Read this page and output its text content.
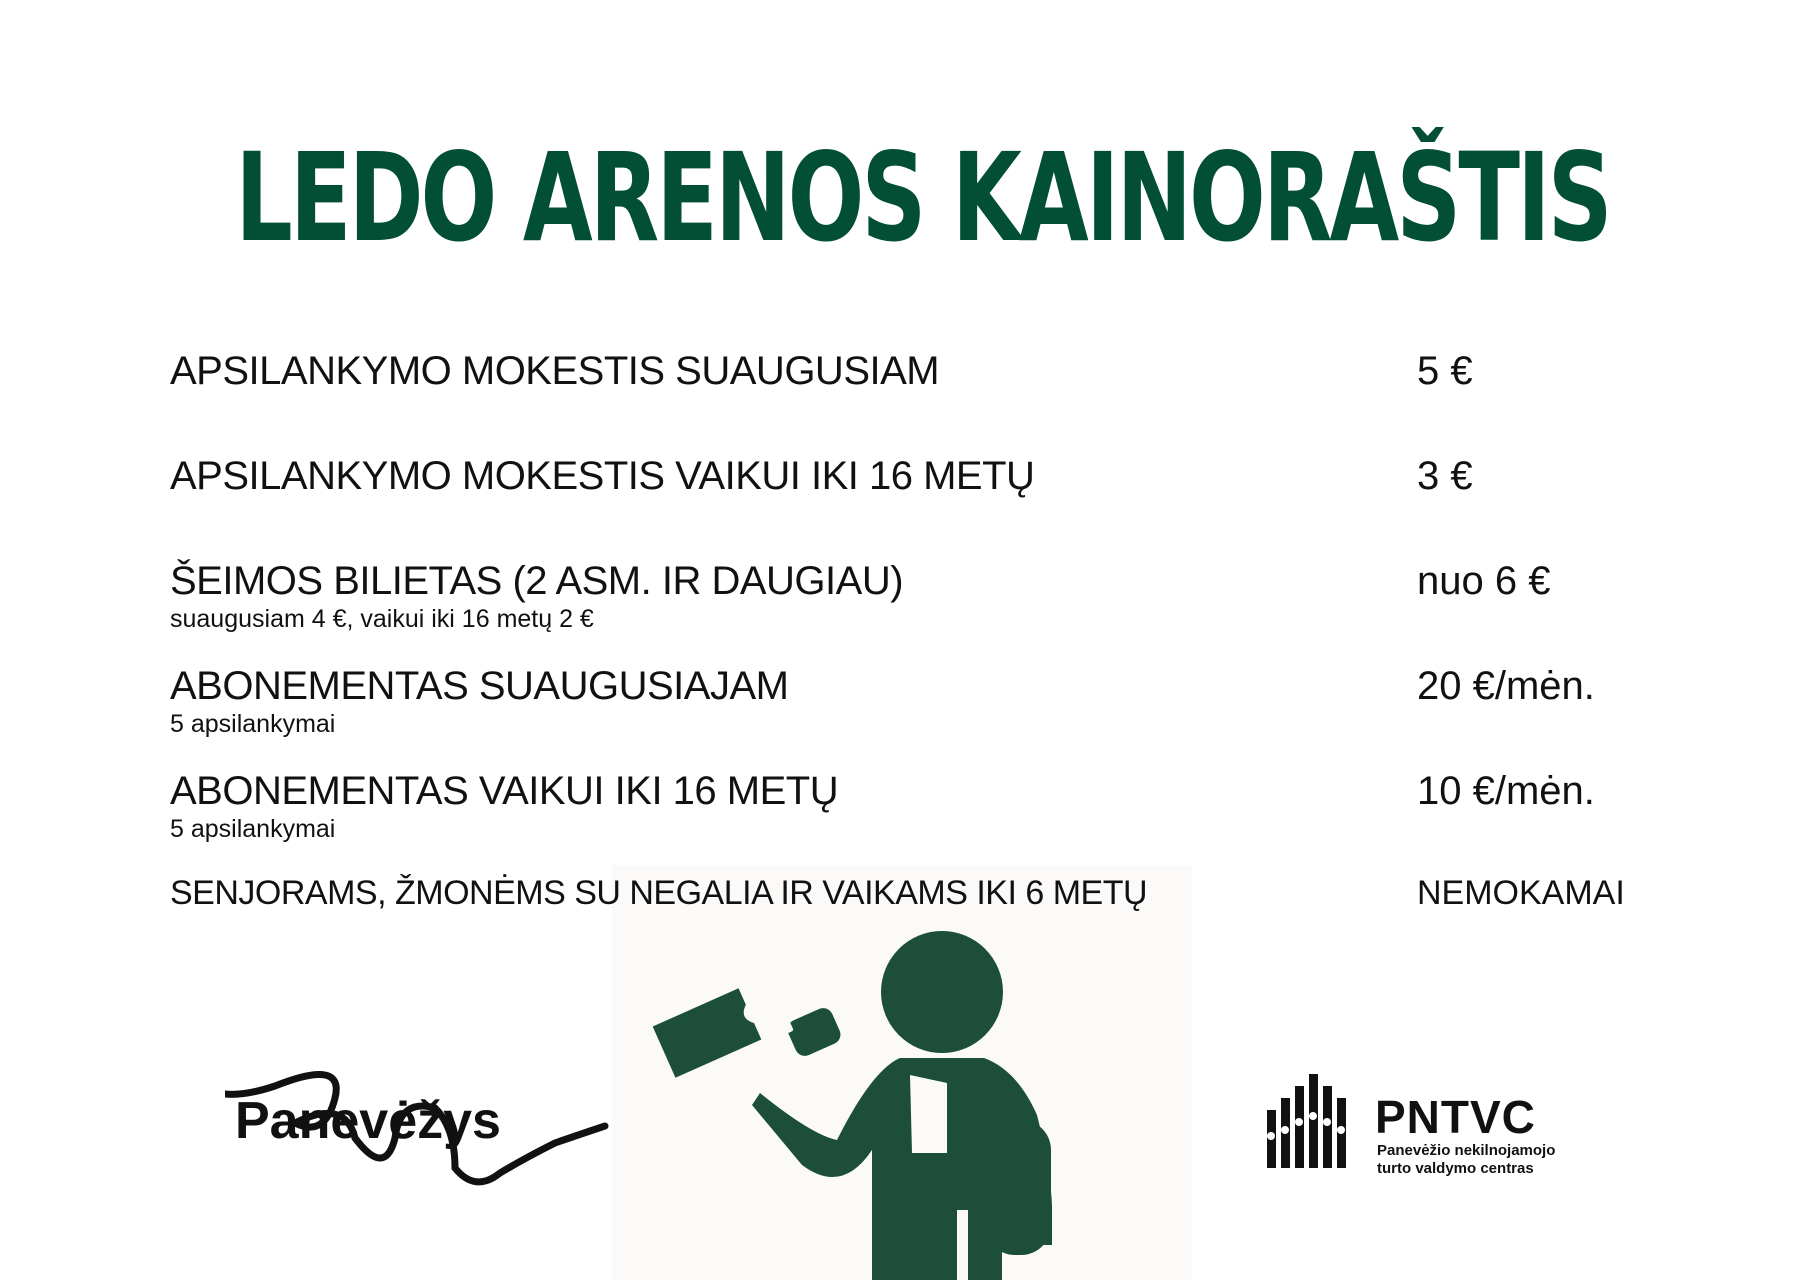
LEDO ARENOS KAINORAŠTIS
APSILANKYMO MOKESTIS SUAUGUSIAM	5 €
APSILANKYMO MOKESTIS VAIKUI IKI 16 METŲ	3 €
ŠEIMOS BILIETAS (2 ASM. IR DAUGIAU)
suaugusiam 4 €, vaikui iki 16 metų 2 €
nuo 6 €
ABONEMENTAS SUAUGUSIAJAM
5 apsilankymai
20 €/mėn.
ABONEMENTAS VAIKUI IKI 16 METŲ
5 apsilankymai
10 €/mėn.
SENJORAMS, ŽMONĖMS SU NEGALIA IR VAIKAMS IKI 6 METŲ	NEMOKAMAI
Panevėžys	PNTVC
Panevėžio nekilnojamojo
turto valdymo centras
